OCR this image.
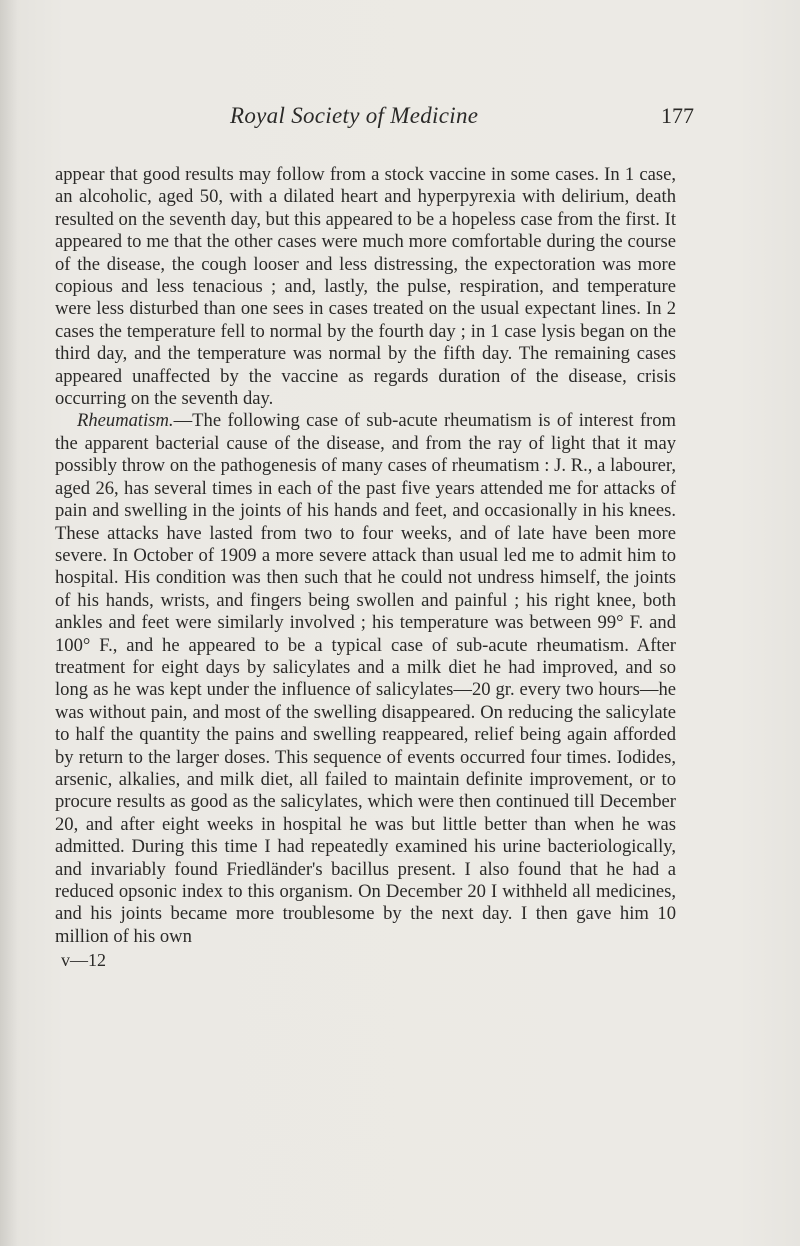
Royal Society of Medicine	177

appear that good results may follow from a stock vaccine in some cases. In 1 case, an alcoholic, aged 50, with a dilated heart and hyperpyrexia with delirium, death resulted on the seventh day, but this appeared to be a hopeless case from the first. It appeared to me that the other cases were much more comfortable during the course of the disease, the cough looser and less distressing, the expectoration was more copious and less tenacious ; and, lastly, the pulse, respiration, and temperature were less disturbed than one sees in cases treated on the usual expectant lines. In 2 cases the temperature fell to normal by the fourth day ; in 1 case lysis began on the third day, and the temperature was normal by the fifth day. The remaining cases appeared unaffected by the vaccine as regards duration of the disease, crisis occurring on the seventh day.

Rheumatism.—The following case of sub-acute rheumatism is of interest from the apparent bacterial cause of the disease, and from the ray of light that it may possibly throw on the pathogenesis of many cases of rheumatism : J. R., a labourer, aged 26, has several times in each of the past five years attended me for attacks of pain and swelling in the joints of his hands and feet, and occasionally in his knees. These attacks have lasted from two to four weeks, and of late have been more severe. In October of 1909 a more severe attack than usual led me to admit him to hospital. His condition was then such that he could not undress himself, the joints of his hands, wrists, and fingers being swollen and painful ; his right knee, both ankles and feet were similarly involved ; his temperature was between 99° F. and 100° F., and he appeared to be a typical case of sub-acute rheumatism. After treatment for eight days by salicylates and a milk diet he had improved, and so long as he was kept under the influence of salicylates—20 gr. every two hours—he was without pain, and most of the swelling disappeared. On reducing the salicylate to half the quantity the pains and swelling reappeared, relief being again afforded by return to the larger doses. This sequence of events occurred four times. Iodides, arsenic, alkalies, and milk diet, all failed to maintain definite improvement, or to procure results as good as the salicylates, which were then continued till December 20, and after eight weeks in hospital he was but little better than when he was admitted. During this time I had repeatedly examined his urine bacteriologically, and invariably found Friedländer's bacillus present. I also found that he had a reduced opsonic index to this organism. On December 20 I withheld all medicines, and his joints became more troublesome by the next day. I then gave him 10 million of his own

v—12
